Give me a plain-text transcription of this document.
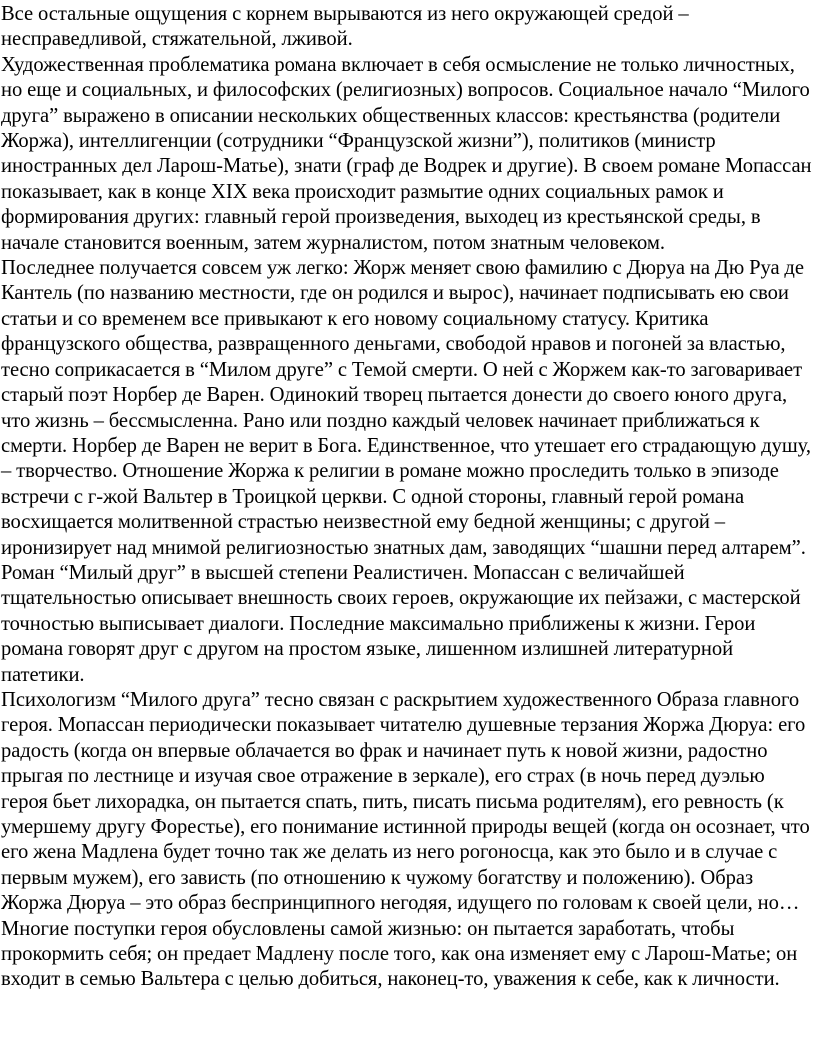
Все остальные ощущения с корнем вырываются из него окружающей средой – несправедливой, стяжательной, лживой.

Художественная проблематика романа включает в себя осмысление не только личностных, но еще и социальных, и философских (религиозных) вопросов. Социальное начало “Милого друга” выражено в описании нескольких общественных классов: крестьянства (родители Жоржа), интеллигенции (сотрудники “Французской жизни”), политиков (министр иностранных дел Ларош-Матье), знати (граф де Водрек и другие). В своем романе Мопассан показывает, как в конце XIX века происходит размытие одних социальных рамок и формирования других: главный герой произведения, выходец из крестьянской среды, в начале становится военным, затем журналистом, потом знатным человеком.

Последнее получается совсем уж легко: Жорж меняет свою фамилию с Дюруа на Дю Руа де Кантель (по названию местности, где он родился и вырос), начинает подписывать ею свои статьи и со временем все привыкают к его новому социальному статусу. Критика французского общества, развращенного деньгами, свободой нравов и погоней за властью, тесно соприкасается в “Милом друге” с Темой смерти. О ней с Жоржем как-то заговаривает старый поэт Норбер де Варен. Одинокий творец пытается донести до своего юного друга, что жизнь – бессмысленна. Рано или поздно каждый человек начинает приближаться к смерти. Норбер де Варен не верит в Бога. Единственное, что утешает его страдающую душу, – творчество. Отношение Жоржа к религии в романе можно проследить только в эпизоде встречи с г-жой Вальтер в Троицкой церкви. С одной стороны, главный герой романа восхищается молитвенной страстью неизвестной ему бедной женщины; с другой – иронизирует над мнимой религиозностью знатных дам, заводящих “шашни перед алтарем”.

Роман “Милый друг” в высшей степени Реалистичен. Мопассан с величайшей тщательностью описывает внешность своих героев, окружающие их пейзажи, с мастерской точностью выписывает диалоги. Последние максимально приближены к жизни. Герои романа говорят друг с другом на простом языке, лишенном излишней литературной патетики.

Психологизм “Милого друга” тесно связан с раскрытием художественного Образа главного героя. Мопассан периодически показывает читателю душевные терзания Жоржа Дюруа: его радость (когда он впервые облачается во фрак и начинает путь к новой жизни, радостно прыгая по лестнице и изучая свое отражение в зеркале), его страх (в ночь перед дуэлью героя бьет лихорадка, он пытается спать, пить, писать письма родителям), его ревность (к умершему другу Форестье), его понимание истинной природы вещей (когда он осознает, что его жена Мадлена будет точно так же делать из него рогоносца, как это было и в случае с первым мужем), его зависть (по отношению к чужому богатству и положению). Образ Жоржа Дюруа – это образ беспринципного негодяя, идущего по головам к своей цели, но…

Многие поступки героя обусловлены самой жизнью: он пытается заработать, чтобы прокормить себя; он предает Мадлену после того, как она изменяет ему с Ларош-Матье; он входит в семью Вальтера с целью добиться, наконец-то, уважения к себе, как к личности.
